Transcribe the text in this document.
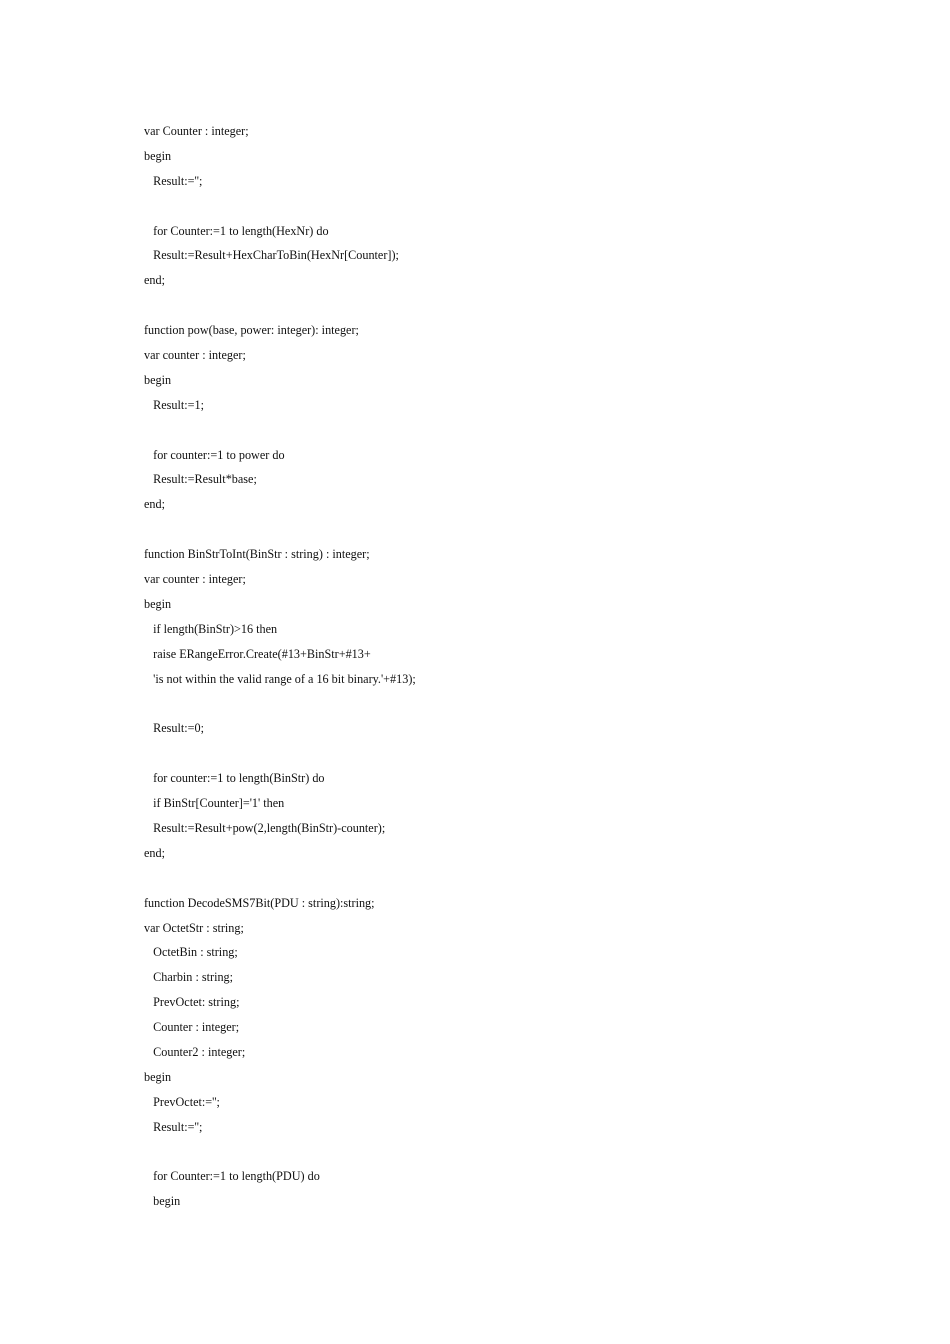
var Counter : integer;
begin
Result:='';
for Counter:=1 to length(HexNr) do
Result:=Result+HexCharToBin(HexNr[Counter]);
end;
function pow(base, power: integer): integer;
var counter : integer;
begin
Result:=1;
for counter:=1 to power do
Result:=Result*base;
end;
function BinStrToInt(BinStr : string) : integer;
var counter : integer;
begin
if length(BinStr)>16 then
raise ERangeError.Create(#13+BinStr+#13+
'is not within the valid range of a 16 bit binary.'+#13);
Result:=0;
for counter:=1 to length(BinStr) do
if BinStr[Counter]='1' then
Result:=Result+pow(2,length(BinStr)-counter);
end;
function DecodeSMS7Bit(PDU : string):string;
var OctetStr : string;
OctetBin : string;
Charbin : string;
PrevOctet: string;
Counter : integer;
Counter2 : integer;
begin
PrevOctet:='';
Result:='';
for Counter:=1 to length(PDU) do
begin
